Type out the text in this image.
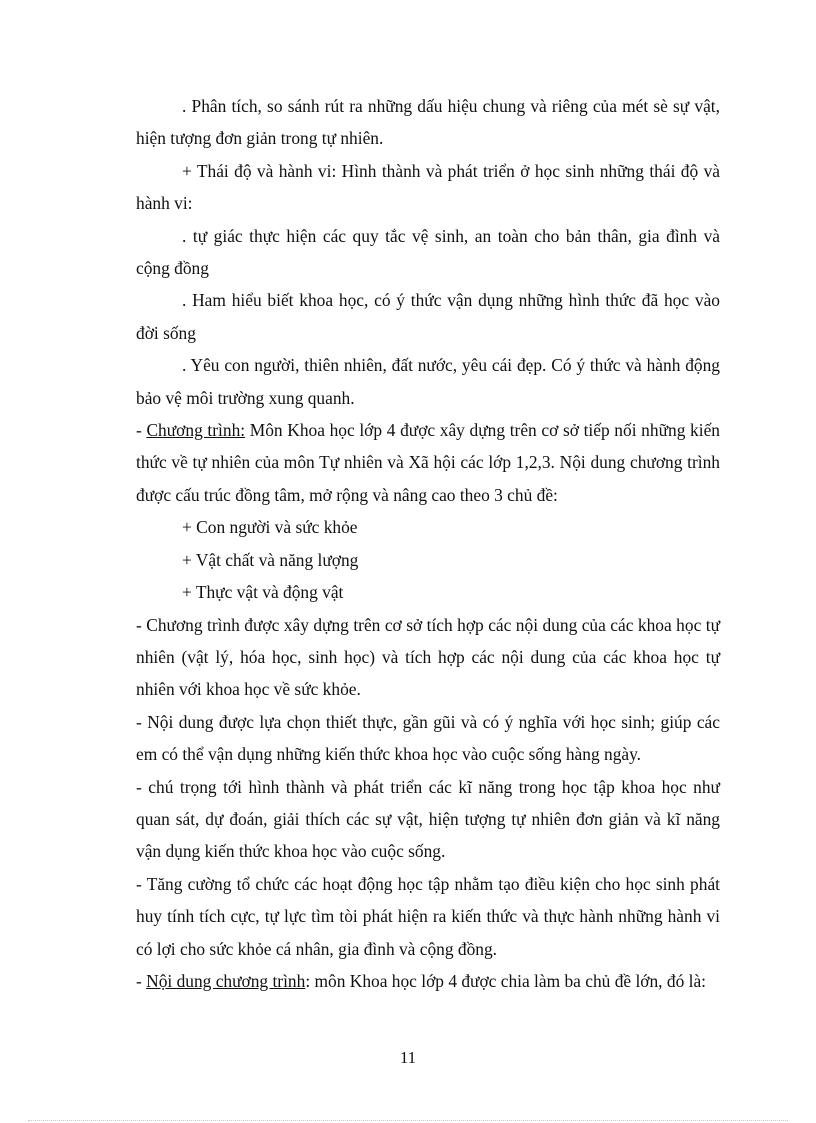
. Phân tích, so sánh rút ra những dấu hiệu chung và riêng của mét sè sự vật, hiện tượng đơn giản trong tự nhiên.

+ Thái độ và hành vi: Hình thành và phát triển ở học sinh những thái độ và hành vi:

. tự giác thực hiện các quy tắc vệ sinh, an toàn cho bản thân, gia đình và cộng đồng

. Ham hiểu biết khoa học, có ý thức vận dụng những hình thức đã học vào đời sống

. Yêu con người, thiên nhiên, đất nước, yêu cái đẹp. Có ý thức và hành động bảo vệ môi trường xung quanh.

- Chương trình: Môn Khoa học lớp 4 được xây dựng trên cơ sở tiếp nối những kiến thức về tự nhiên của môn Tự nhiên và Xã hội các lớp 1,2,3. Nội dung chương trình được cấu trúc đồng tâm, mở rộng và nâng cao theo 3 chủ đề:

+ Con người và sức khỏe

+ Vật chất và năng lượng

+ Thực vật và động vật

- Chương trình được xây dựng trên cơ sở tích hợp các nội dung của các khoa học tự nhiên (vật lý, hóa học, sinh học) và tích hợp các nội dung của các khoa học tự nhiên với khoa học về sức khỏe.

- Nội dung được lựa chọn thiết thực, gần gũi và có ý nghĩa với học sinh; giúp các em có thể vận dụng những kiến thức khoa học vào cuộc sống hàng ngày.

- chú trọng tới hình thành và phát triển các kĩ năng trong học tập khoa học như quan sát, dự đoán, giải thích các sự vật, hiện tượng tự nhiên đơn giản và kĩ năng vận dụng kiến thức khoa học vào cuộc sống.

- Tăng cường tổ chức các hoạt động học tập nhằm tạo điều kiện cho học sinh phát huy tính tích cực, tự lực tìm tòi phát hiện ra kiến thức và thực hành những hành vi có lợi cho sức khỏe cá nhân, gia đình và cộng đồng.

- Nội dung chương trình: môn Khoa học lớp 4 được chia làm ba chủ đề lớn, đó là:

11
